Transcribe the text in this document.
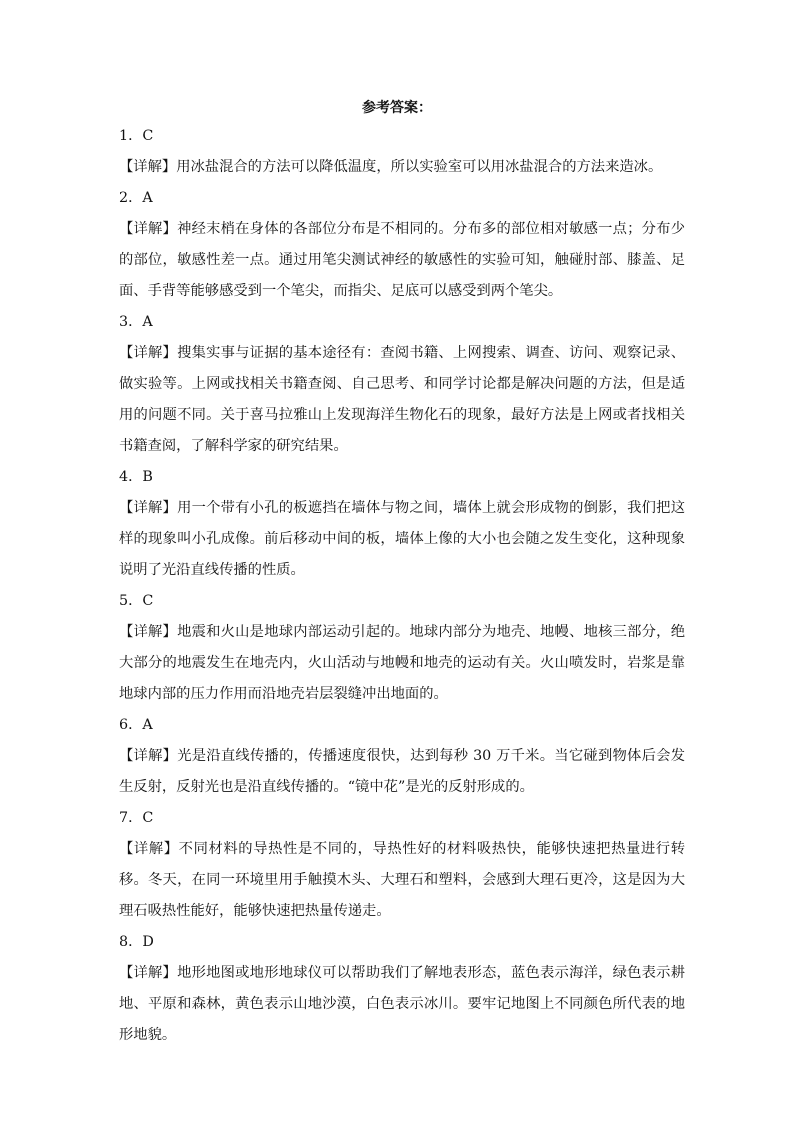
参考答案：
1．C
【详解】用冰盐混合的方法可以降低温度，所以实验室可以用冰盐混合的方法来造冰。
2．A
【详解】神经末梢在身体的各部位分布是不相同的。分布多的部位相对敏感一点；分布少的部位，敏感性差一点。通过用笔尖测试神经的敏感性的实验可知，触碰肘部、膝盖、足面、手背等能够感受到一个笔尖，而指尖、足底可以感受到两个笔尖。
3．A
【详解】搜集实事与证据的基本途径有：查阅书籍、上网搜索、调查、访问、观察记录、做实验等。上网或找相关书籍查阅、自己思考、和同学讨论都是解决问题的方法，但是适用的问题不同。关于喜马拉雅山上发现海洋生物化石的现象，最好方法是上网或者找相关书籍查阅，了解科学家的研究结果。
4．B
【详解】用一个带有小孔的板遮挡在墙体与物之间，墙体上就会形成物的倒影，我们把这样的现象叫小孔成像。前后移动中间的板，墙体上像的大小也会随之发生变化，这种现象说明了光沿直线传播的性质。
5．C
【详解】地震和火山是地球内部运动引起的。地球内部分为地壳、地幔、地核三部分，绝大部分的地震发生在地壳内，火山活动与地幔和地壳的运动有关。火山喷发时，岩浆是靠地球内部的压力作用而沿地壳岩层裂缝冲出地面的。
6．A
【详解】光是沿直线传播的，传播速度很快，达到每秒 30 万千米。当它碰到物体后会发生反射，反射光也是沿直线传播的。“镜中花”是光的反射形成的。
7．C
【详解】不同材料的导热性是不同的，导热性好的材料吸热快，能够快速把热量进行转移。冬天，在同一环境里用手触摸木头、大理石和塑料，会感到大理石更冷，这是因为大理石吸热性能好，能够快速把热量传递走。
8．D
【详解】地形地图或地形地球仪可以帮助我们了解地表形态，蓝色表示海洋，绿色表示耕地、平原和森林，黄色表示山地沙漠，白色表示冰川。要牢记地图上不同颜色所代表的地形地貌。
